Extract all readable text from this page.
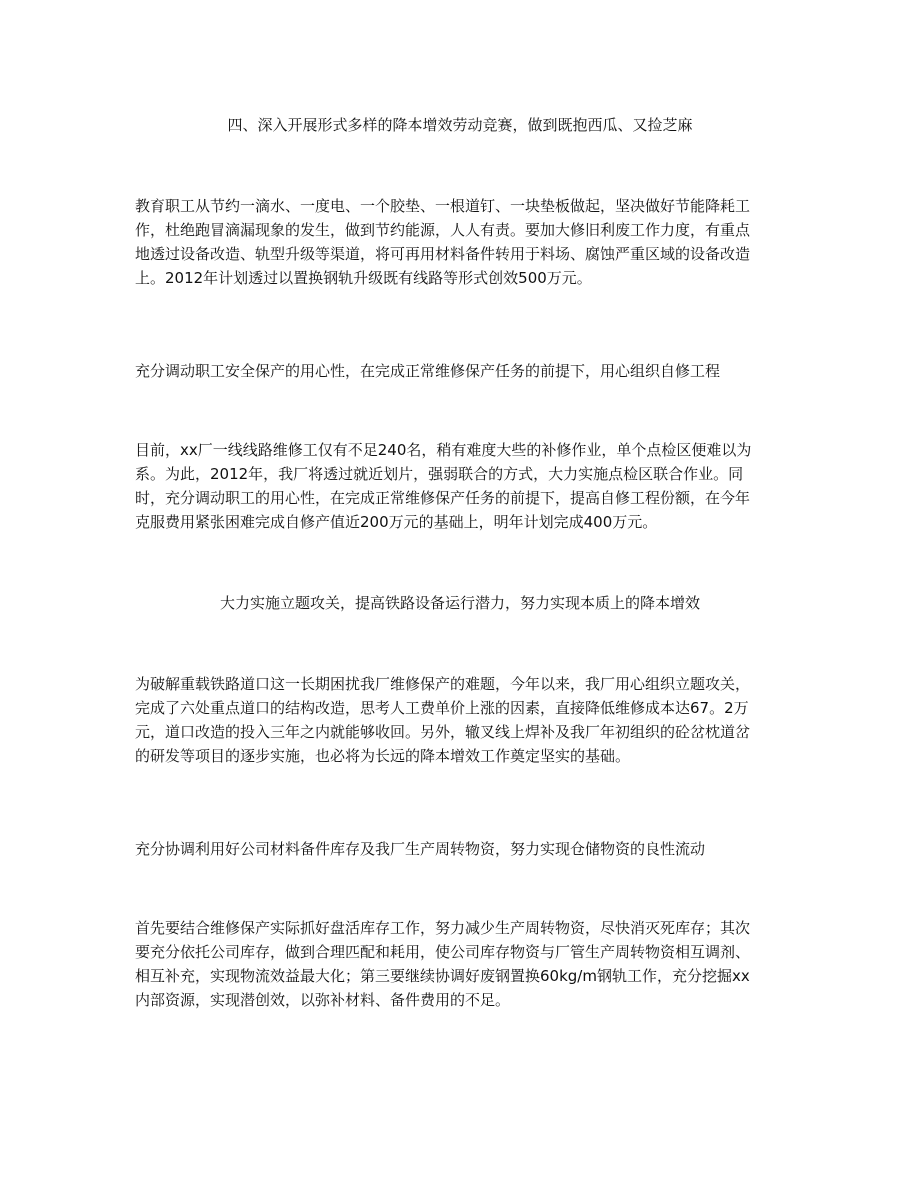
四、深入开展形式多样的降本增效劳动竞赛，做到既抱西瓜、又捡芝麻
教育职工从节约一滴水、一度电、一个胶垫、一根道钉、一块垫板做起，坚决做好节能降耗工
作，杜绝跑冒滴漏现象的发生，做到节约能源，人人有责。要加大修旧利废工作力度，有重点
地透过设备改造、轨型升级等渠道，将可再用材料备件转用于料场、腐蚀严重区域的设备改造
上。2012年计划透过以置换钢轨升级既有线路等形式创效500万元。
充分调动职工安全保产的用心性，在完成正常维修保产任务的前提下，用心组织自修工程
目前，xx厂一线线路维修工仅有不足240名，稍有难度大些的补修作业，单个点检区便难以为
系。为此，2012年，我厂将透过就近划片，强弱联合的方式，大力实施点检区联合作业。同
时，充分调动职工的用心性，在完成正常维修保产任务的前提下，提高自修工程份额，在今年
克服费用紧张困难完成自修产值近200万元的基础上，明年计划完成400万元。
大力实施立题攻关，提高铁路设备运行潜力，努力实现本质上的降本增效
为破解重载铁路道口这一长期困扰我厂维修保产的难题，今年以来，我厂用心组织立题攻关，
完成了六处重点道口的结构改造，思考人工费单价上涨的因素，直接降低维修成本达67。2万
元，道口改造的投入三年之内就能够收回。另外，辙叉线上焊补及我厂年初组织的砼岔枕道岔
的研发等项目的逐步实施，也必将为长远的降本增效工作奠定坚实的基础。
充分协调利用好公司材料备件库存及我厂生产周转物资，努力实现仓储物资的良性流动
首先要结合维修保产实际抓好盘活库存工作，努力减少生产周转物资，尽快消灭死库存；其次
要充分依托公司库存，做到合理匹配和耗用，使公司库存物资与厂管生产周转物资相互调剂、
相互补充，实现物流效益最大化；第三要继续协调好废钢置换60kg/m钢轨工作，充分挖掘xx
内部资源，实现潜创效，以弥补材料、备件费用的不足。
